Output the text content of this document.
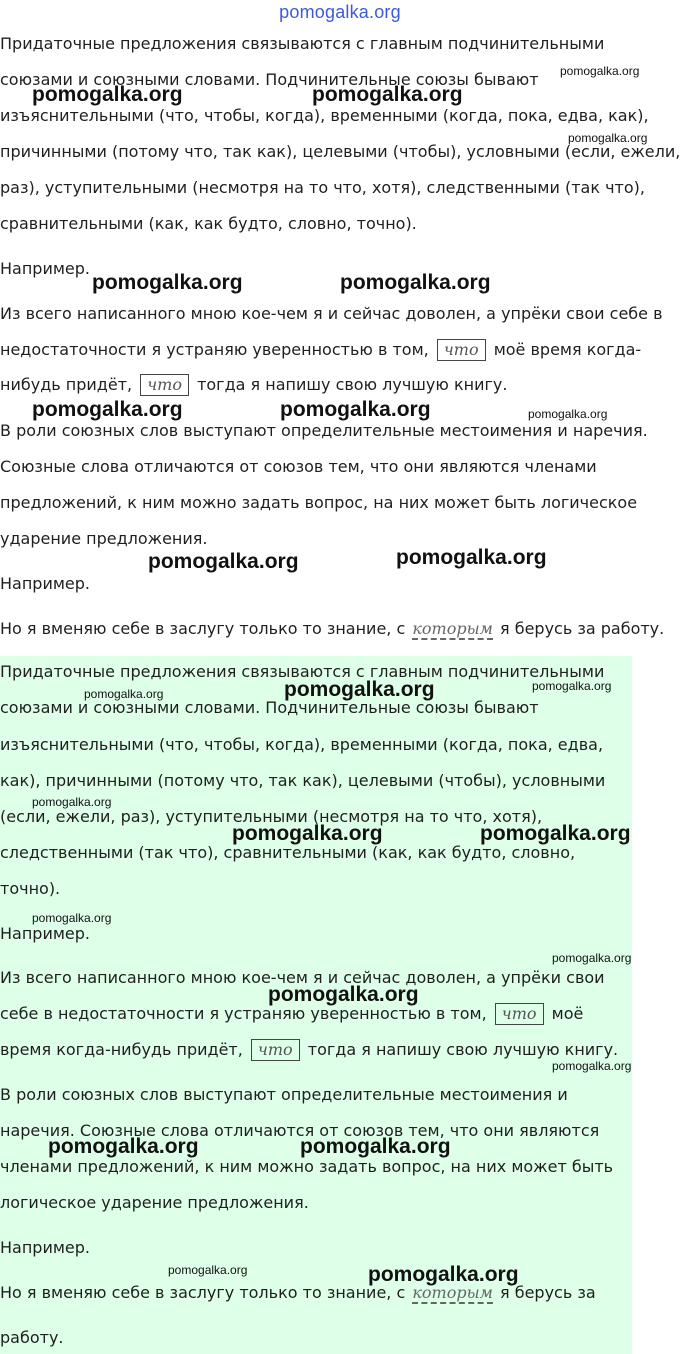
pomogalka.org
Придаточные предложения связываются с главным подчинительными
союзами и союзными словами. Подчинительные союзы бывают
изъяснительными (что, чтобы, когда), временными (когда, пока, едва, как),
причинными (потому что, так как), целевыми (чтобы), условными (если, ежели,
раз), уступительными (несмотря на то что, хотя), следственными (так что),
сравнительными (как, как будто, словно, точно).
Например.
Из всего написанного мною кое-чем я и сейчас доволен, а упрёки свои себе в
недостаточности я устраняю уверенностью в том, что моё время когда-
нибудь придёт, что тогда я напишу свою лучшую книгу.
В роли союзных слов выступают определительные местоимения и наречия.
Союзные слова отличаются от союзов тем, что они являются членами
предложений, к ним можно задать вопрос, на них может быть логическое
ударение предложения.
Например.
Но я вменяю себе в заслугу только то знание, с которым я берусь за работу.
Придаточные предложения связываются с главным подчинительными
союзами и союзными словами. Подчинительные союзы бывают
изъяснительными (что, чтобы, когда), временными (когда, пока, едва,
как), причинными (потому что, так как), целевыми (чтобы), условными
(если, ежели, раз), уступительными (несмотря на то что, хотя),
следственными (так что), сравнительными (как, как будто, словно,
точно).
Например.
Из всего написанного мною кое-чем я и сейчас доволен, а упрёки свои
себе в недостаточности я устраняю уверенностью в том, что моё
время когда-нибудь придёт, что тогда я напишу свою лучшую книгу.
В роли союзных слов выступают определительные местоимения и
наречия. Союзные слова отличаются от союзов тем, что они являются
членами предложений, к ним можно задать вопрос, на них может быть
логическое ударение предложения.
Например.
Но я вменяю себе в заслугу только то знание, с которым я берусь за
работу.
pomogalka.org	pomogalka.org
pomogalka.org
pomogalka.org
pomogalka.org	pomogalka.org
pomogalka.org	pomogalka.org	pomogalka.org
pomogalka.org	pomogalka.org
pomogalka.org	pomogalka.org	pomogalka.org
pomogalka.org
pomogalka.org	pomogalka.org
pomogalka.org
pomogalka.org
pomogalka.org
pomogalka.org
pomogalka.org	pomogalka.org
pomogalka.org	pomogalka.org
